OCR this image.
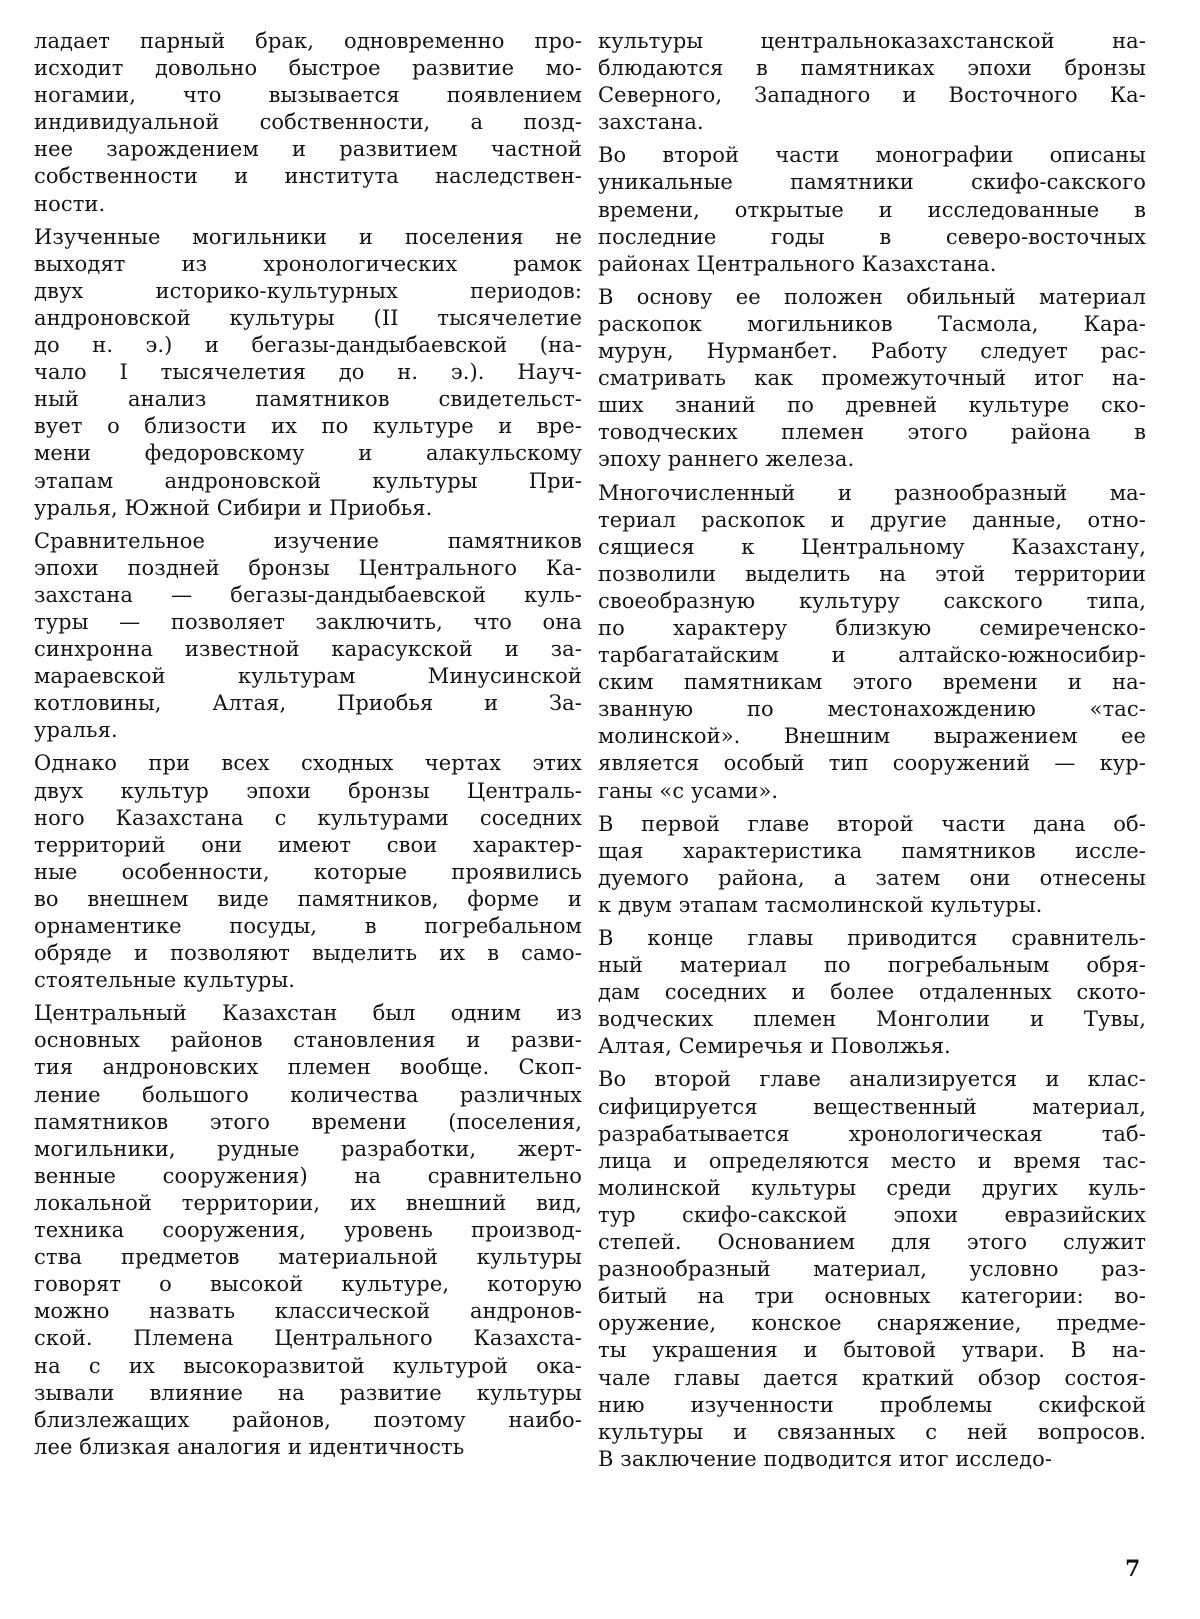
ладает парный брак, одновременно про-
исходит довольно быстрое развитие мо-
ногамии, что вызывается появлением
индивидуальной собственности, а позд-
нее зарождением и развитием частной
собственности и института наследствен-
ности.
Изученные могильники и поселения не
выходят из хронологических рамок
двух историко-культурных периодов:
андроновской культуры (II тысячелетие
до н. э.) и бегазы-дандыбаевской (на-
чало I тысячелетия до н. э.). Науч-
ный анализ памятников свидетельст-
вует о близости их по культуре и вре-
мени федоровскому и алакульскому
этапам андроновской культуры При-
уралья, Южной Сибири и Приобья.
Сравнительное изучение памятников
эпохи поздней бронзы Центрального Ка-
захстана — бегазы-дандыбаевской куль-
туры — позволяет заключить, что она
синхронна известной карасукской и за-
мараевской культурам Минусинской
котловины, Алтая, Приобья и За-
уралья.
Однако при всех сходных чертах этих
двух культур эпохи бронзы Централь-
ного Казахстана с культурами соседних
территорий они имеют свои характер-
ные особенности, которые проявились
во внешнем виде памятников, форме и
орнаментике посуды, в погребальном
обряде и позволяют выделить их в само-
стоятельные культуры.
Центральный Казахстан был одним из
основных районов становления и разви-
тия андроновских племен вообще. Скоп-
ление большого количества различных
памятников этого времени (поселения,
могильники, рудные разработки, жерт-
венные сооружения) на сравнительно
локальной территории, их внешний вид,
техника сооружения, уровень производ-
ства предметов материальной культуры
говорят о высокой культуре, которую
можно назвать классической андронов-
ской. Племена Центрального Казахста-
на с их высокоразвитой культурой ока-
зывали влияние на развитие культуры
близлежащих районов, поэтому наибо-
лее близкая аналогия и идентичность
культуры центральноказахстанской на-
блюдаются в памятниках эпохи бронзы
Северного, Западного и Восточного Ка-
захстана.
Во второй части монографии описаны
уникальные памятники скифо-сакского
времени, открытые и исследованные в
последние годы в северо-восточных
районах Центрального Казахстана.
В основу ее положен обильный материал
раскопок могильников Тасмола, Кара-
мурун, Нурманбет. Работу следует рас-
сматривать как промежуточный итог на-
ших знаний по древней культуре ско-
товодческих племен этого района в
эпоху раннего железа.
Многочисленный и разнообразный ма-
териал раскопок и другие данные, отно-
сящиеся к Центральному Казахстану,
позволили выделить на этой территории
своеобразную культуру сакского типа,
по характеру близкую семиреченско-
тарбагатайским и алтайско-южносибир-
ским памятникам этого времени и на-
званную по местонахождению «тас-
молинской». Внешним выражением ее
является особый тип сооружений — кур-
ганы «с усами».
В первой главе второй части дана об-
щая характеристика памятников иссле-
дуемого района, а затем они отнесены
к двум этапам тасмолинской культуры.
В конце главы приводится сравнитель-
ный материал по погребальным обря-
дам соседних и более отдаленных ското-
водческих племен Монголии и Тувы,
Алтая, Семиречья и Поволжья.
Во второй главе анализируется и клас-
сифицируется вещественный материал,
разрабатывается хронологическая таб-
лица и определяются место и время тас-
молинской культуры среди других куль-
тур скифо-сакской эпохи евразийских
степей. Основанием для этого служит
разнообразный материал, условно раз-
битый на три основных категории: во-
оружение, конское снаряжение, предме-
ты украшения и бытовой утвари. В на-
чале главы дается краткий обзор состоя-
нию изученности проблемы скифской
культуры и связанных с ней вопросов.
В заключение подводится итог исследо-
7
